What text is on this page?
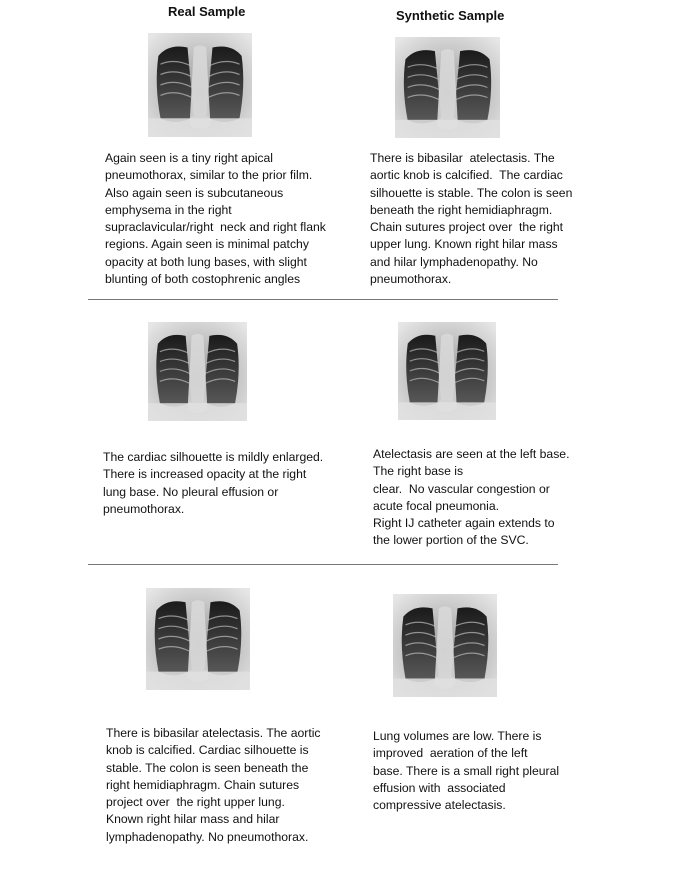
Real Sample	Synthetic Sample
Again seen is a tiny right apical
pneumothorax, similar to the prior film.
Also again seen is subcutaneous
emphysema in the right
supraclavicular/right  neck and right flank
regions. Again seen is minimal patchy
opacity at both lung bases, with slight
blunting of both costophrenic angles
There is bibasilar  atelectasis. The
aortic knob is calcified.  The cardiac
silhouette is stable. The colon is seen
beneath the right hemidiaphragm.
Chain sutures project over  the right
upper lung. Known right hilar mass
and hilar lymphadenopathy. No
pneumothorax.
The cardiac silhouette is mildly enlarged.
There is increased opacity at the right
lung base. No pleural effusion or
pneumothorax.
Atelectasis are seen at the left base.
The right base is
clear.  No vascular congestion or
acute focal pneumonia.
Right IJ catheter again extends to
the lower portion of the SVC.
There is bibasilar atelectasis. The aortic
knob is calcified. Cardiac silhouette is
stable. The colon is seen beneath the
right hemidiaphragm. Chain sutures
project over  the right upper lung.
Known right hilar mass and hilar
lymphadenopathy. No pneumothorax.
Lung volumes are low. There is
improved  aeration of the left
base. There is a small right pleural
effusion with  associated
compressive atelectasis.
